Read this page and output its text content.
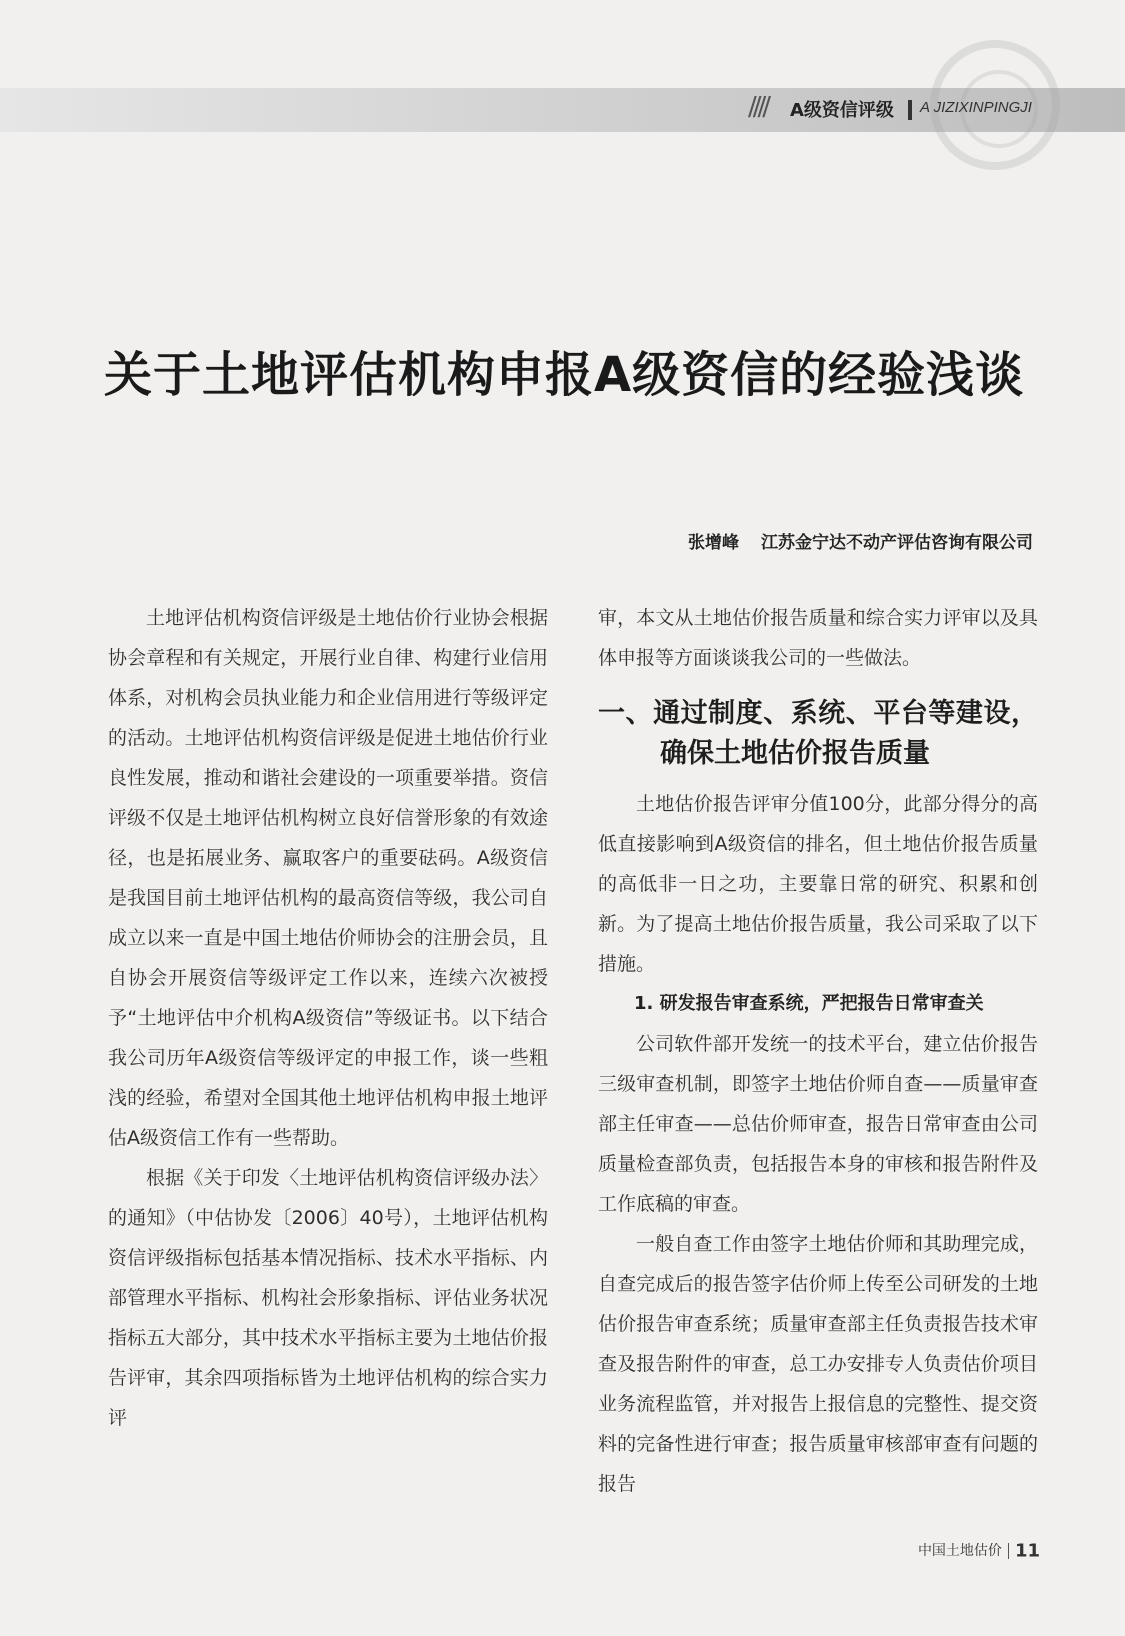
//// A级资信评级 A JIZIXINPINGJI
关于土地评估机构申报A级资信的经验浅谈
张增峰 江苏金宁达不动产评估咨询有限公司

土地评估机构资信评级是土地估价行业协会根据协会章程和有关规定，开展行业自律、构建行业信用体系，对机构会员执业能力和企业信用进行等级评定的活动。土地评估机构资信评级是促进土地估价行业良性发展，推动和谐社会建设的一项重要举措。资信评级不仅是土地评估机构树立良好信誉形象的有效途径，也是拓展业务、赢取客户的重要砝码。A级资信是我国目前土地评估机构的最高资信等级，我公司自成立以来一直是中国土地估价师协会的注册会员，且自协会开展资信等级评定工作以来，连续六次被授予“土地评估中介机构A级资信”等级证书。以下结合我公司历年A级资信等级评定的申报工作，谈一些粗浅的经验，希望对全国其他土地评估机构申报土地评估A级资信工作有一些帮助。

根据《关于印发〈土地评估机构资信评级办法〉的通知》（中估协发〔2006〕40号），土地评估机构资信评级指标包括基本情况指标、技术水平指标、内部管理水平指标、机构社会形象指标、评估业务状况指标五大部分，其中技术水平指标主要为土地估价报告评审，其余四项指标皆为土地评估机构的综合实力评

审，本文从土地估价报告质量和综合实力评审以及具体申报等方面谈谈我公司的一些做法。

一、通过制度、系统、平台等建设，确保土地估价报告质量

土地估价报告评审分值100分，此部分得分的高低直接影响到A级资信的排名，但土地估价报告质量的高低非一日之功，主要靠日常的研究、积累和创新。为了提高土地估价报告质量，我公司采取了以下措施。

1. 研发报告审查系统，严把报告日常审查关

公司软件部开发统一的技术平台，建立估价报告三级审查机制，即签字土地估价师自查——质量审查部主任审查——总估价师审查，报告日常审查由公司质量检查部负责，包括报告本身的审核和报告附件及工作底稿的审查。

一般自查工作由签字土地估价师和其助理完成，自查完成后的报告签字估价师上传至公司研发的土地估价报告审查系统；质量审查部主任负责报告技术审查及报告附件的审查，总工办安排专人负责估价项目业务流程监管，并对报告上报信息的完整性、提交资料的完备性进行审查；报告质量审核部审查有问题的报告

中国土地估价 11
